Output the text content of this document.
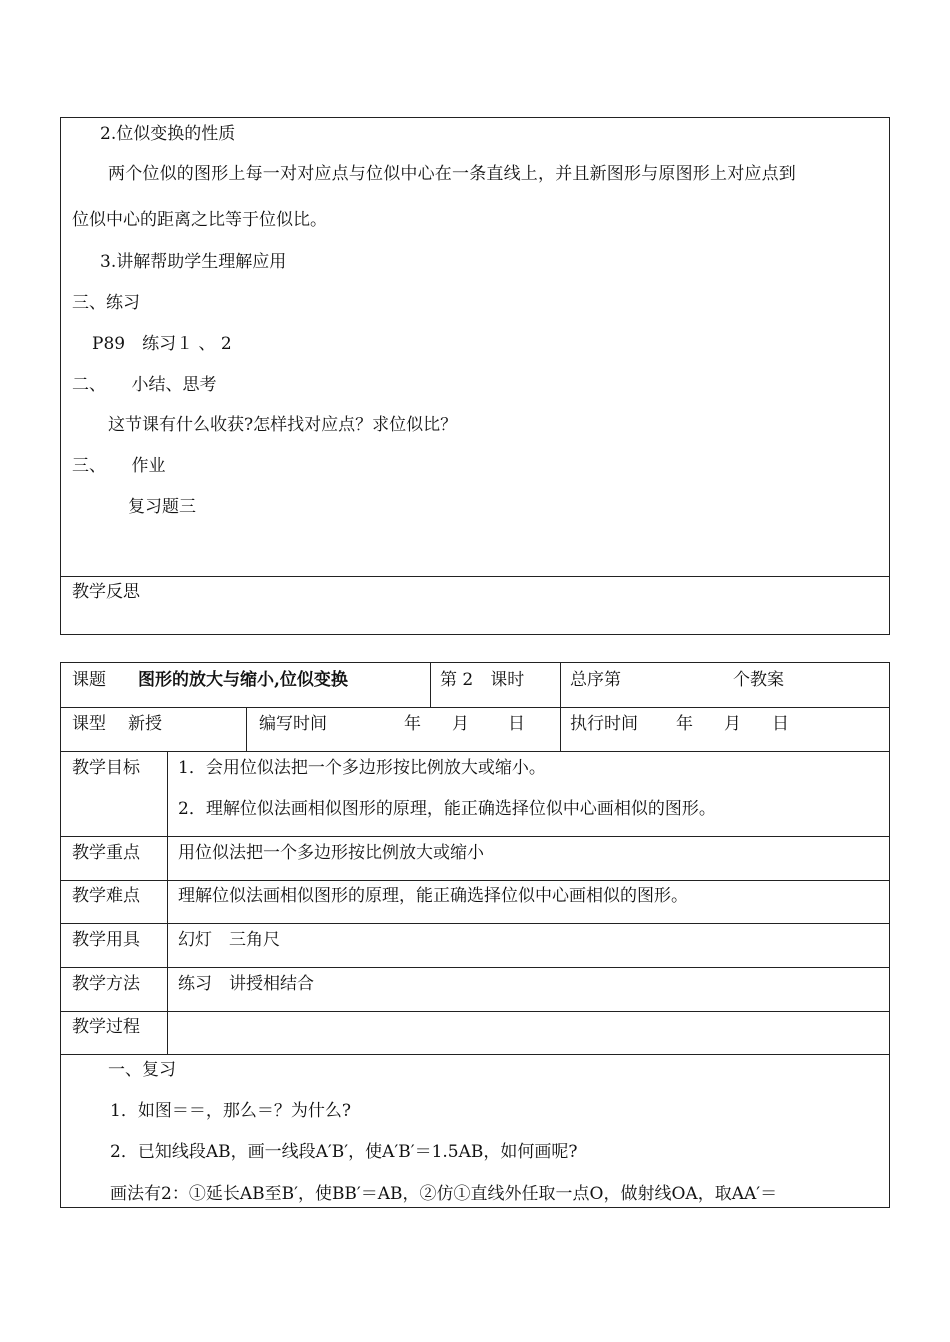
2.位似变换的性质
两个位似的图形上每一对对应点与位似中心在一条直线上，并且新图形与原图形上对应点到
位似中心的距离之比等于位似比。
3.讲解帮助学生理解应用
三、练习
P89　练习１ 、 2
二、　　小结、思考
这节课有什么收获?怎样找对应点？求位似比？
三、　　作业
复习题三
教学反思
课题 图形的放大与缩小,位似变换	第 2　课时	总序第	个教案
课型 新授	编写时间	年 月 日	执行时间 年 月 日
教学目标 1．会用位似法把一个多边形按比例放大或缩小。
2．理解位似法画相似图形的原理，能正确选择位似中心画相似的图形。
教学重点 用位似法把一个多边形按比例放大或缩小
教学难点 理解位似法画相似图形的原理，能正确选择位似中心画相似的图形。
教学用具 幻灯　三角尺
教学方法 练习　讲授相结合
教学过程
一、复习
1．如图＝＝，那么＝？为什么?
2．已知线段AB，画一线段A′B′，使A′B′＝1.5AB，如何画呢?
画法有2：①延长AB至B′，使BB′＝AB，②仿①直线外任取一点O，做射线OA，取AA′＝
